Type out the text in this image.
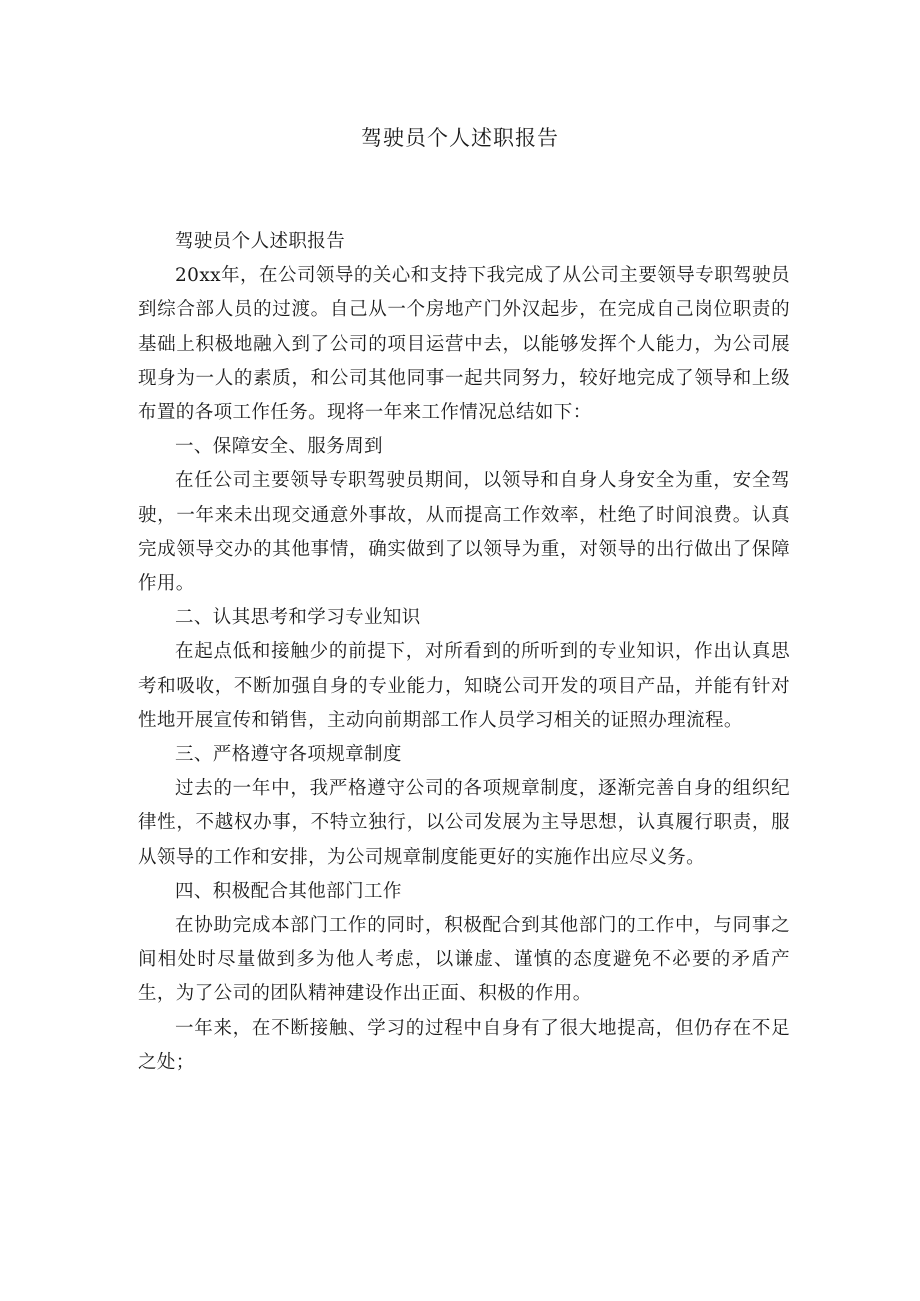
驾驶员个人述职报告

驾驶员个人述职报告

20xx年，在公司领导的关心和支持下我完成了从公司主要领导专职驾驶员到综合部人员的过渡。自己从一个房地产门外汉起步，在完成自己岗位职责的基础上积极地融入到了公司的项目运营中去，以能够发挥个人能力，为公司展现身为一人的素质，和公司其他同事一起共同努力，较好地完成了领导和上级布置的各项工作任务。现将一年来工作情况总结如下：

一、保障安全、服务周到

在任公司主要领导专职驾驶员期间，以领导和自身人身安全为重，安全驾驶，一年来未出现交通意外事故，从而提高工作效率，杜绝了时间浪费。认真完成领导交办的其他事情，确实做到了以领导为重，对领导的出行做出了保障作用。

二、认其思考和学习专业知识

在起点低和接触少的前提下，对所看到的所听到的专业知识，作出认真思考和吸收，不断加强自身的专业能力，知晓公司开发的项目产品，并能有针对性地开展宣传和销售，主动向前期部工作人员学习相关的证照办理流程。

三、严格遵守各项规章制度

过去的一年中，我严格遵守公司的各项规章制度，逐渐完善自身的组织纪律性，不越权办事，不特立独行，以公司发展为主导思想，认真履行职责，服从领导的工作和安排，为公司规章制度能更好的实施作出应尽义务。

四、积极配合其他部门工作

在协助完成本部门工作的同时，积极配合到其他部门的工作中，与同事之间相处时尽量做到多为他人考虑，以谦虚、谨慎的态度避免不必要的矛盾产生，为了公司的团队精神建设作出正面、积极的作用。

一年来，在不断接触、学习的过程中自身有了很大地提高，但仍存在不足之处；
